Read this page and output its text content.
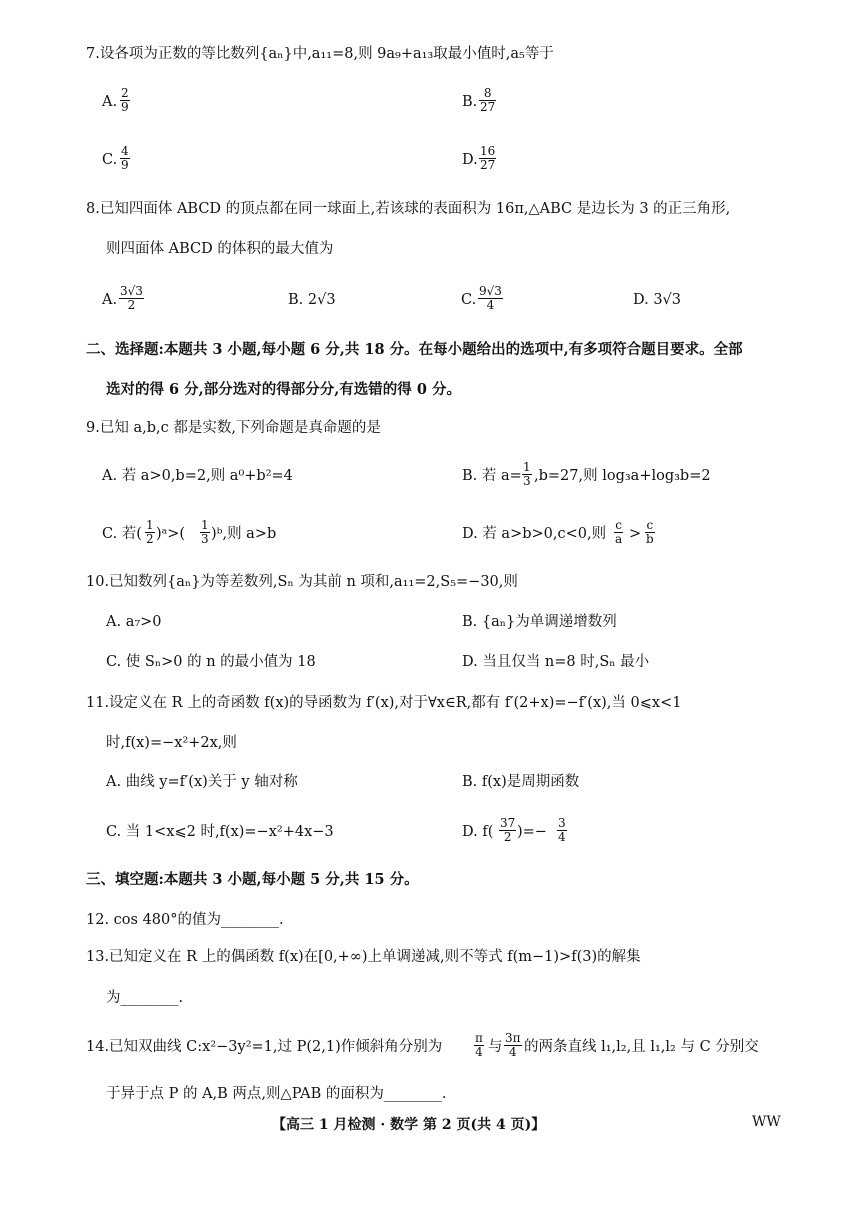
7.设各项为正数的等比数列{aₙ}中,a₁₁=8,则 9a₉+a₁₃取最小值时,a₅等于
A. $\frac{2}{9}$	B. $\frac{8}{27}$
C. $\frac{4}{9}$	D. $\frac{16}{27}$
8.已知四面体 ABCD 的顶点都在同一球面上,若该球的表面积为 16π,△ABC 是边长为 3 的正三角形,
则四面体 ABCD 的体积的最大值为
A. $\frac{3√3}{2}$	B. 2√3	C. $\frac{9√3}{4}$	D. 3√3
二、选择题:本题共 3 小题,每小题 6 分,共 18 分。在每小题给出的选项中,有多项符合题目要求。全部
选对的得 6 分,部分选对的得部分分,有选错的得 0 分。
9.已知 a,b,c 都是实数,下列命题是真命题的是
A. 若 a>0,b=2,则 a⁰+b²=4	B. 若 $a= \frac{1}{3} ,b=27$,则 log₃a+log₃b=2
C. 若( $\frac{1}{2}$ )ᵃ>( $\frac{1}{3}$ )ᵇ,则 a>b	D. 若 a>b>0,c<0,则 $\frac{c}{a} > \frac{c}{b}$
10.已知数列{aₙ}为等差数列,Sₙ 为其前 n 项和,a₁₁=2,S₅=−30,则
A. a₇>0	B. {aₙ}为单调递增数列
C. 使 Sₙ>0 的 n 的最小值为 18	D. 当且仅当 n=8 时,Sₙ 最小
11.设定义在 R 上的奇函数 f(x)的导函数为 f′(x),对于∀x∈R,都有 f′(2+x)=−f′(x),当 0⩽x<1
时,f(x)=−x²+2x,则
A. 曲线 y=f′(x)关于 y 轴对称	B. f(x)是周期函数
C. 当 1<x⩽2 时,f(x)=−x²+4x−3	D. $f( \frac{37}{2}$ )=− $\frac{3}{4}$
三、填空题:本题共 3 小题,每小题 5 分,共 15 分。
12. cos 480°的值为________.
13.已知定义在 R 上的偶函数 f(x)在[0,+∞)上单调递减,则不等式 f(m−1)>f(3)的解集
为________.
14.已知双曲线 C:x²−3y²=1,过 P(2,1)作倾斜角分别为	$\frac{\pi}{4}$ 与 $\frac{3\pi}{4}$ 的两条直线 l₁,l₂,且 l₁,l₂ 与 C 分别交
于异于点 P 的 A,B 两点,则△PAB 的面积为________.
【高三 1 月检测 · 数学 第 2 页(共 4 页)】	WW
